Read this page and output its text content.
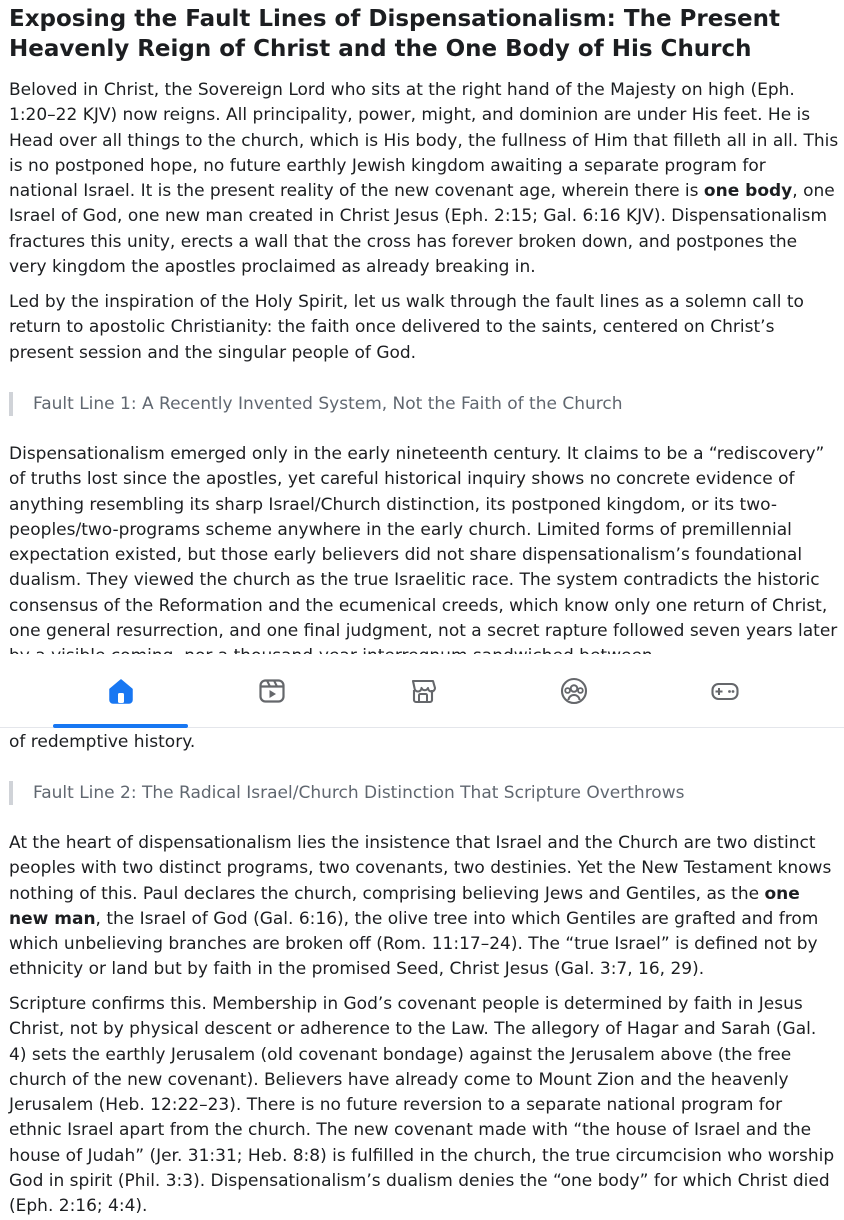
Exposing the Fault Lines of Dispensationalism: The Present Heavenly Reign of Christ and the One Body of His Church

Beloved in Christ, the Sovereign Lord who sits at the right hand of the Majesty on high (Eph. 1:20–22 KJV) now reigns. All principality, power, might, and dominion are under His feet. He is Head over all things to the church, which is His body, the fullness of Him that filleth all in all. This is no postponed hope, no future earthly Jewish kingdom awaiting a separate program for national Israel. It is the present reality of the new covenant age, wherein there is one body, one Israel of God, one new man created in Christ Jesus (Eph. 2:15; Gal. 6:16 KJV). Dispensationalism fractures this unity, erects a wall that the cross has forever broken down, and postpones the very kingdom the apostles proclaimed as already breaking in.

Led by the inspiration of the Holy Spirit, let us walk through the fault lines as a solemn call to return to apostolic Christianity: the faith once delivered to the saints, centered on Christ’s present session and the singular people of God.

Fault Line 1: A Recently Invented System, Not the Faith of the Church

Dispensationalism emerged only in the early nineteenth century. It claims to be a “rediscovery” of truths lost since the apostles, yet careful historical inquiry shows no concrete evidence of anything resembling its sharp Israel/Church distinction, its postponed kingdom, or its two-peoples/two-programs scheme anywhere in the early church. Limited forms of premillennial expectation existed, but those early believers did not share dispensationalism’s foundational dualism. They viewed the church as the true Israelitic race. The system contradicts the historic consensus of the Reformation and the ecumenical creeds, which know only one return of Christ, one general resurrection, and one final judgment, not a secret rapture followed seven years later

of redemptive history.

Fault Line 2: The Radical Israel/Church Distinction That Scripture Overthrows

At the heart of dispensationalism lies the insistence that Israel and the Church are two distinct peoples with two distinct programs, two covenants, two destinies. Yet the New Testament knows nothing of this. Paul declares the church, comprising believing Jews and Gentiles, as the one new man, the Israel of God (Gal. 6:16), the olive tree into which Gentiles are grafted and from which unbelieving branches are broken off (Rom. 11:17–24). The “true Israel” is defined not by ethnicity or land but by faith in the promised Seed, Christ Jesus (Gal. 3:7, 16, 29).

Scripture confirms this. Membership in God’s covenant people is determined by faith in Jesus Christ, not by physical descent or adherence to the Law. The allegory of Hagar and Sarah (Gal. 4) sets the earthly Jerusalem (old covenant bondage) against the Jerusalem above (the free church of the new covenant). Believers have already come to Mount Zion and the heavenly Jerusalem (Heb. 12:22–23). There is no future reversion to a separate national program for ethnic Israel apart from the church. The new covenant made with “the house of Israel and the house of Judah” (Jer. 31:31; Heb. 8:8) is fulfilled in the church, the true circumcision who worship God in spirit (Phil. 3:3). Dispensationalism’s dualism denies the “one body” for which Christ died (Eph. 2:16; 4:4).
